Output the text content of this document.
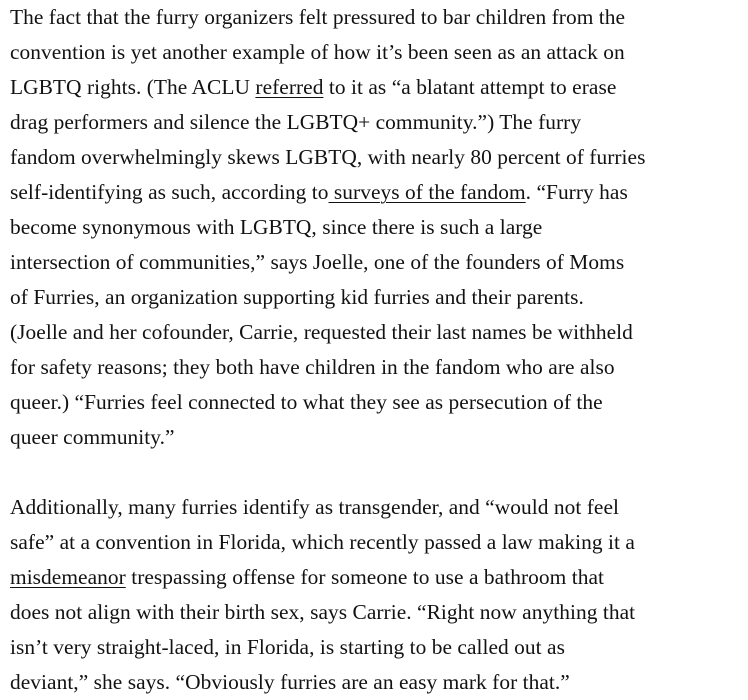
The fact that the furry organizers felt pressured to bar children from the
convention is yet another example of how it’s been seen as an attack on
LGBTQ rights. (The ACLU referred to it as “a blatant attempt to erase
drag performers and silence the LGBTQ+ community.”) The furry
fandom overwhelmingly skews LGBTQ, with nearly 80 percent of furries
self-identifying as such, according to surveys of the fandom. “Furry has
become synonymous with LGBTQ, since there is such a large
intersection of communities,” says Joelle, one of the founders of Moms
of Furries, an organization supporting kid furries and their parents.
(Joelle and her cofounder, Carrie, requested their last names be withheld
for safety reasons; they both have children in the fandom who are also
queer.) “Furries feel connected to what they see as persecution of the
queer community.”

Additionally, many furries identify as transgender, and “would not feel
safe” at a convention in Florida, which recently passed a law making it a
misdemeanor trespassing offense for someone to use a bathroom that
does not align with their birth sex, says Carrie. “Right now anything that
isn’t very straight-laced, in Florida, is starting to be called out as
deviant,” she says. “Obviously furries are an easy mark for that.”
